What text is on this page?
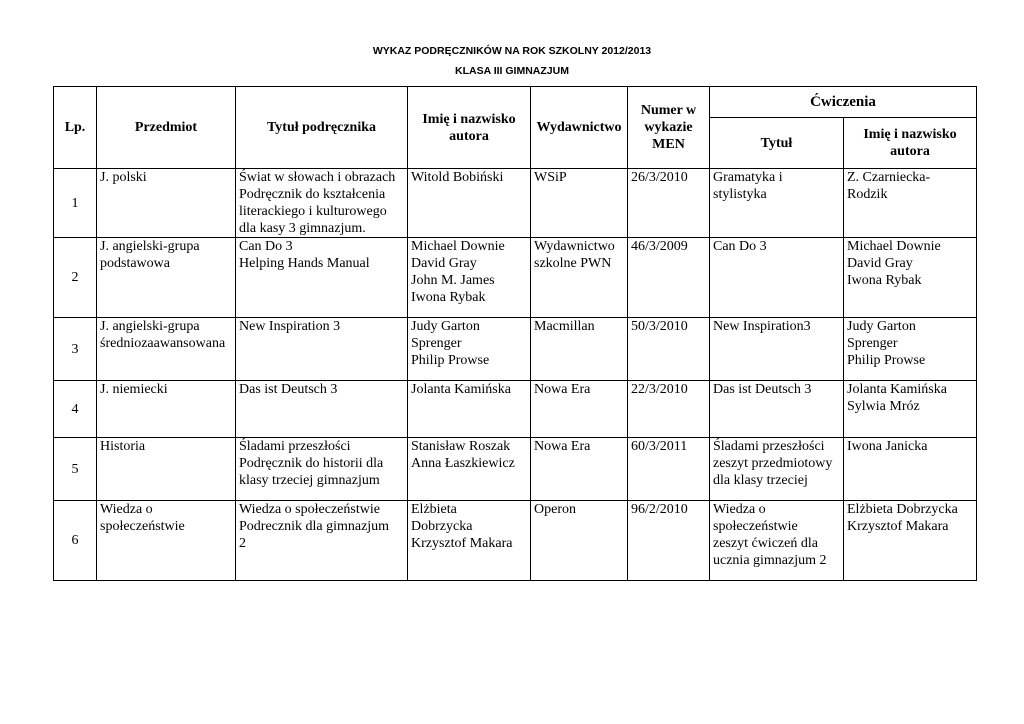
WYKAZ PODRĘCZNIKÓW NA ROK SZKOLNY 2012/2013
KLASA III GIMNAZJUM
Lp.	Przedmiot	Tytuł podręcznika	Imię i nazwisko
autora	Wydawnictwo	Numer w
wykazie
MEN	Ćwiczenia	
						Tytuł	Imię i nazwisko
autora

1	J. polski	Świat w słowach i obrazach
Podręcznik do kształcenia
literackiego i kulturowego
dla kasy 3 gimnazjum.	Witold Bobiński	WSiP	26/3/2010	Gramatyka i
stylistyka	Z. Czarniecka-
Rodzik

2	J. angielski-grupa
podstawowa	Can Do 3
Helping Hands Manual	Michael Downie
David Gray
John M. James
Iwona Rybak	Wydawnictwo
szkolne PWN	46/3/2009	Can Do 3	Michael Downie
David Gray
Iwona Rybak

3	J. angielski-grupa
średniozaawansowana	New Inspiration 3	Judy Garton
Sprenger
Philip Prowse	Macmillan	50/3/2010	New Inspiration3	Judy Garton
Sprenger
Philip Prowse

4	J. niemiecki	Das ist Deutsch 3	Jolanta Kamińska	Nowa Era	22/3/2010	Das ist Deutsch 3	Jolanta Kamińska
Sylwia Mróz

5	Historia	Śladami przeszłości
Podręcznik do historii dla
klasy trzeciej gimnazjum	Stanisław Roszak
Anna Łaszkiewicz	Nowa Era	60/3/2011	Śladami przeszłości
zeszyt przedmiotowy
dla klasy trzeciej	Iwona Janicka

6	Wiedza o
społeczeństwie	Wiedza o społeczeństwie
Podrecznik dla gimnazjum
2	Elżbieta
Dobrzycka
Krzysztof Makara	Operon	96/2/2010	Wiedza o
społeczeństwie
zeszyt ćwiczeń dla
ucznia gimnazjum 2	Elżbieta Dobrzycka
Krzysztof Makara
